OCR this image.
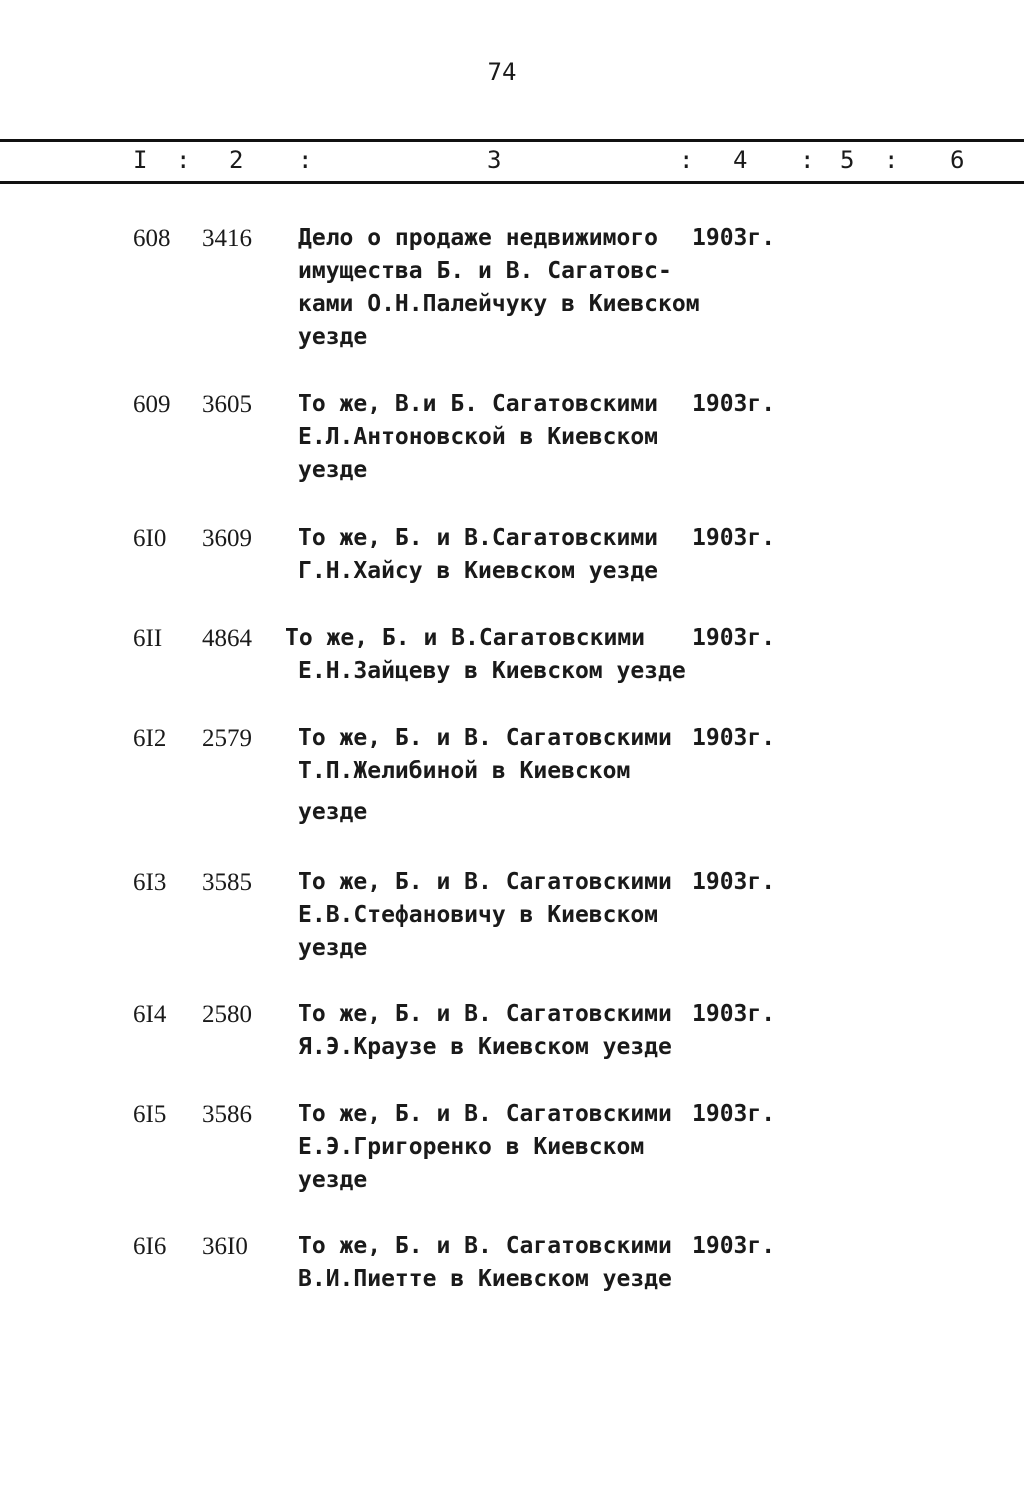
74
I : 2 :	3	: 4 : 5 : 6
608 3416 Дело о продаже недвижимого
имущества Б. и В. Сагатовс-
ками О.Н.Палейчуку в Киевском
уезде
1903г.
609 3605 То же, В.и Б. Сагатовскими
Е.Л.Антоновской в Киевском
уезде
1903г.
6I0 3609 То же, Б. и В.Сагатовскими
Г.Н.Хайсу в Киевском уезде
1903г.
6II 4864 То же, Б. и В.Сагатовскими
Е.Н.Зайцеву в Киевском уезде
1903г.
6I2 2579 То же, Б. и В. Сагатовскими
Т.П.Желибиной в Киевском
уезде
1903г.
6I3 3585 То же, Б. и В. Сагатовскими
Е.В.Стефановичу в Киевском
уезде
1903г.
6I4 2580 То же, Б. и В. Сагатовскими
Я.Э.Краузе в Киевском уезде
1903г.
6I5 3586 То же, Б. и В. Сагатовскими
Е.Э.Григоренко в Киевском
уезде
1903г.
6I6 36I0 То же, Б. и В. Сагатовскими
В.И.Пиетте в Киевском уезде
1903г.
